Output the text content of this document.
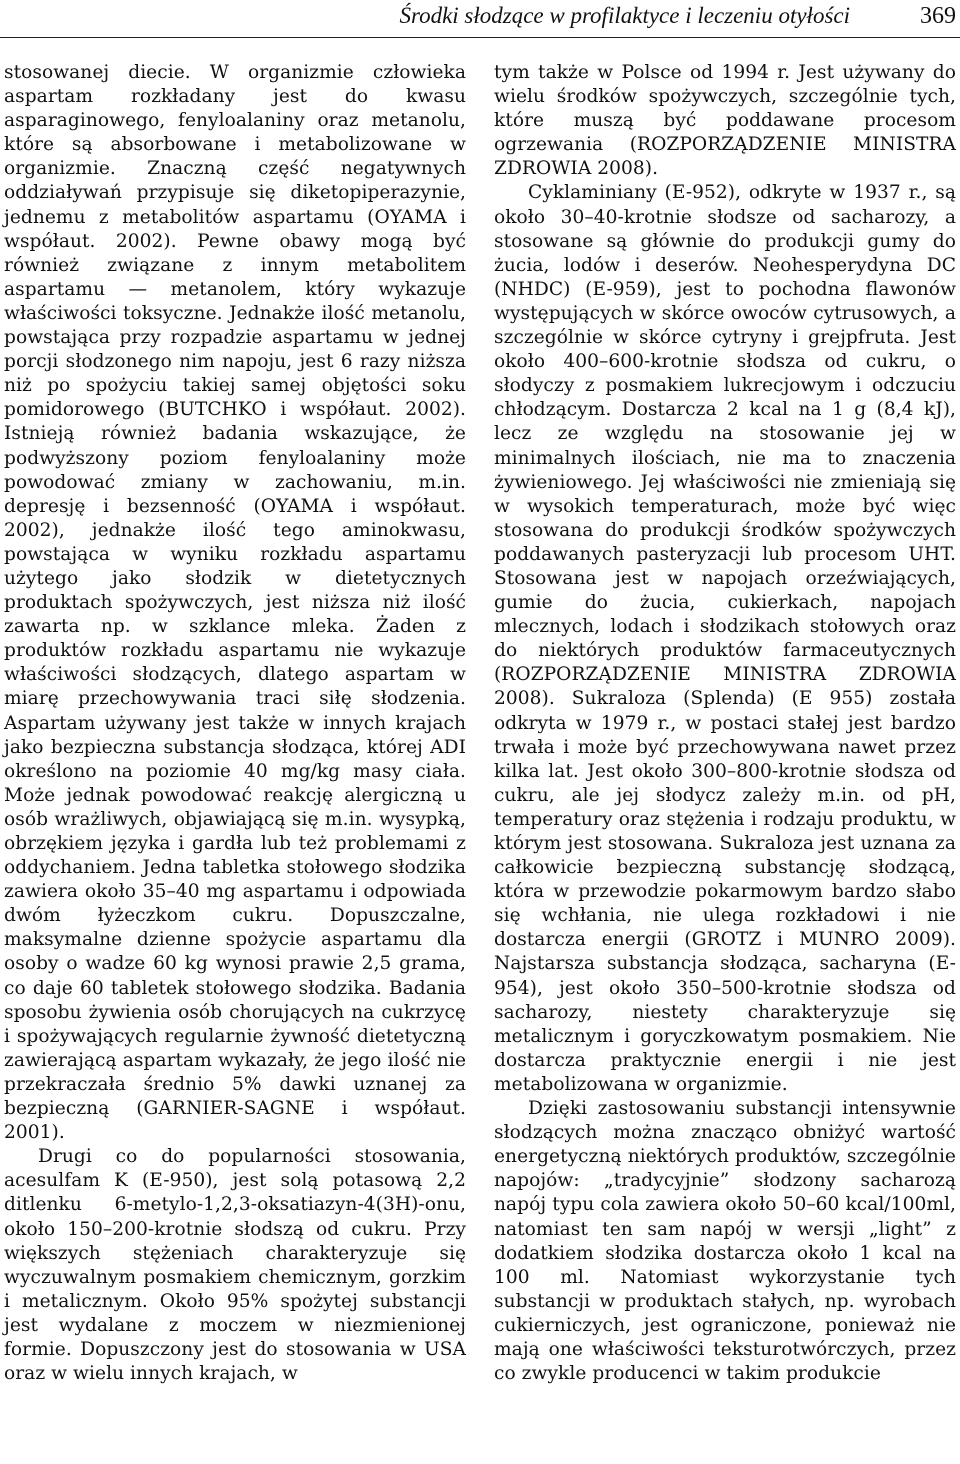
Środki słodzące w profilaktyce i leczeniu otyłości	369

stosowanej diecie. W organizmie człowieka aspartam rozkładany jest do kwasu asparaginowego, fenyloalaniny oraz metanolu, które są absorbowane i metabolizowane w organizmie. Znaczną część negatywnych oddziaływań przypisuje się diketopiperazynie, jednemu z metabolitów aspartamu (OYAMA i współaut. 2002). Pewne obawy mogą być również związane z innym metabolitem aspartamu — metanolem, który wykazuje właściwości toksyczne. Jednakże ilość metanolu, powstająca przy rozpadzie aspartamu w jednej porcji słodzonego nim napoju, jest 6 razy niższa niż po spożyciu takiej samej objętości soku pomidorowego (BUTCHKO i współaut. 2002). Istnieją również badania wskazujące, że podwyższony poziom fenyloalaniny może powodować zmiany w zachowaniu, m.in. depresję i bezsenność (OYAMA i współaut. 2002), jednakże ilość tego aminokwasu, powstająca w wyniku rozkładu aspartamu użytego jako słodzik w dietetycznych produktach spożywczych, jest niższa niż ilość zawarta np. w szklance mleka. Żaden z produktów rozkładu aspartamu nie wykazuje właściwości słodzących, dlatego aspartam w miarę przechowywania traci siłę słodzenia. Aspartam używany jest także w innych krajach jako bezpieczna substancja słodząca, której ADI określono na poziomie 40 mg/kg masy ciała. Może jednak powodować reakcję alergiczną u osób wrażliwych, objawiającą się m.in. wysypką, obrzękiem języka i gardła lub też problemami z oddychaniem. Jedna tabletka stołowego słodzika zawiera około 35–40 mg aspartamu i odpowiada dwóm łyżeczkom cukru. Dopuszczalne, maksymalne dzienne spożycie aspartamu dla osoby o wadze 60 kg wynosi prawie 2,5 grama, co daje 60 tabletek stołowego słodzika. Badania sposobu żywienia osób chorujących na cukrzycę i spożywających regularnie żywność dietetyczną zawierającą aspartam wykazały, że jego ilość nie przekraczała średnio 5% dawki uznanej za bezpieczną (GARNIER-SAGNE i współaut. 2001).

Drugi co do popularności stosowania, acesulfam K (E-950), jest solą potasową 2,2 ditlenku 6-metylo-1,2,3-oksatiazyn-4(3H)-onu, około 150–200-krotnie słodszą od cukru. Przy większych stężeniach charakteryzuje się wyczuwalnym posmakiem chemicznym, gorzkim i metalicznym. Około 95% spożytej substancji jest wydalane z moczem w niezmienionej formie. Dopuszczony jest do stosowania w USA oraz w wielu innych krajach, w

tym także w Polsce od 1994 r. Jest używany do wielu środków spożywczych, szczególnie tych, które muszą być poddawane procesom ogrzewania (ROZPORZĄDZENIE MINISTRA ZDROWIA 2008).

Cyklaminiany (E-952), odkryte w 1937 r., są około 30–40-krotnie słodsze od sacharozy, a stosowane są głównie do produkcji gumy do żucia, lodów i deserów. Neohesperydyna DC (NHDC) (E-959), jest to pochodna flawonów występujących w skórce owoców cytrusowych, a szczególnie w skórce cytryny i grejpfruta. Jest około 400–600-krotnie słodsza od cukru, o słodyczy z posmakiem lukrecjowym i odczuciu chłodzącym. Dostarcza 2 kcal na 1 g (8,4 kJ), lecz ze względu na stosowanie jej w minimalnych ilościach, nie ma to znaczenia żywieniowego. Jej właściwości nie zmieniają się w wysokich temperaturach, może być więc stosowana do produkcji środków spożywczych poddawanych pasteryzacji lub procesom UHT. Stosowana jest w napojach orzeźwiających, gumie do żucia, cukierkach, napojach mlecznych, lodach i słodzikach stołowych oraz do niektórych produktów farmaceutycznych (ROZPORZĄDZENIE MINISTRA ZDROWIA 2008). Sukraloza (Splenda) (E 955) została odkryta w 1979 r., w postaci stałej jest bardzo trwała i może być przechowywana nawet przez kilka lat. Jest około 300–800-krotnie słodsza od cukru, ale jej słodycz zależy m.in. od pH, temperatury oraz stężenia i rodzaju produktu, w którym jest stosowana. Sukraloza jest uznana za całkowicie bezpieczną substancję słodzącą, która w przewodzie pokarmowym bardzo słabo się wchłania, nie ulega rozkładowi i nie dostarcza energii (GROTZ i MUNRO 2009). Najstarsza substancja słodząca, sacharyna (E-954), jest około 350–500-krotnie słodsza od sacharozy, niestety charakteryzuje się metalicznym i goryczkowatym posmakiem. Nie dostarcza praktycznie energii i nie jest metabolizowana w organizmie.

Dzięki zastosowaniu substancji intensywnie słodzących można znacząco obniżyć wartość energetyczną niektórych produktów, szczególnie napojów: „tradycyjnie” słodzony sacharozą napój typu cola zawiera około 50–60 kcal/100ml, natomiast ten sam napój w wersji „light” z dodatkiem słodzika dostarcza około 1 kcal na 100 ml. Natomiast wykorzystanie tych substancji w produktach stałych, np. wyrobach cukierniczych, jest ograniczone, ponieważ nie mają one właściwości teksturotwórczych, przez co zwykle producenci w takim produkcie
